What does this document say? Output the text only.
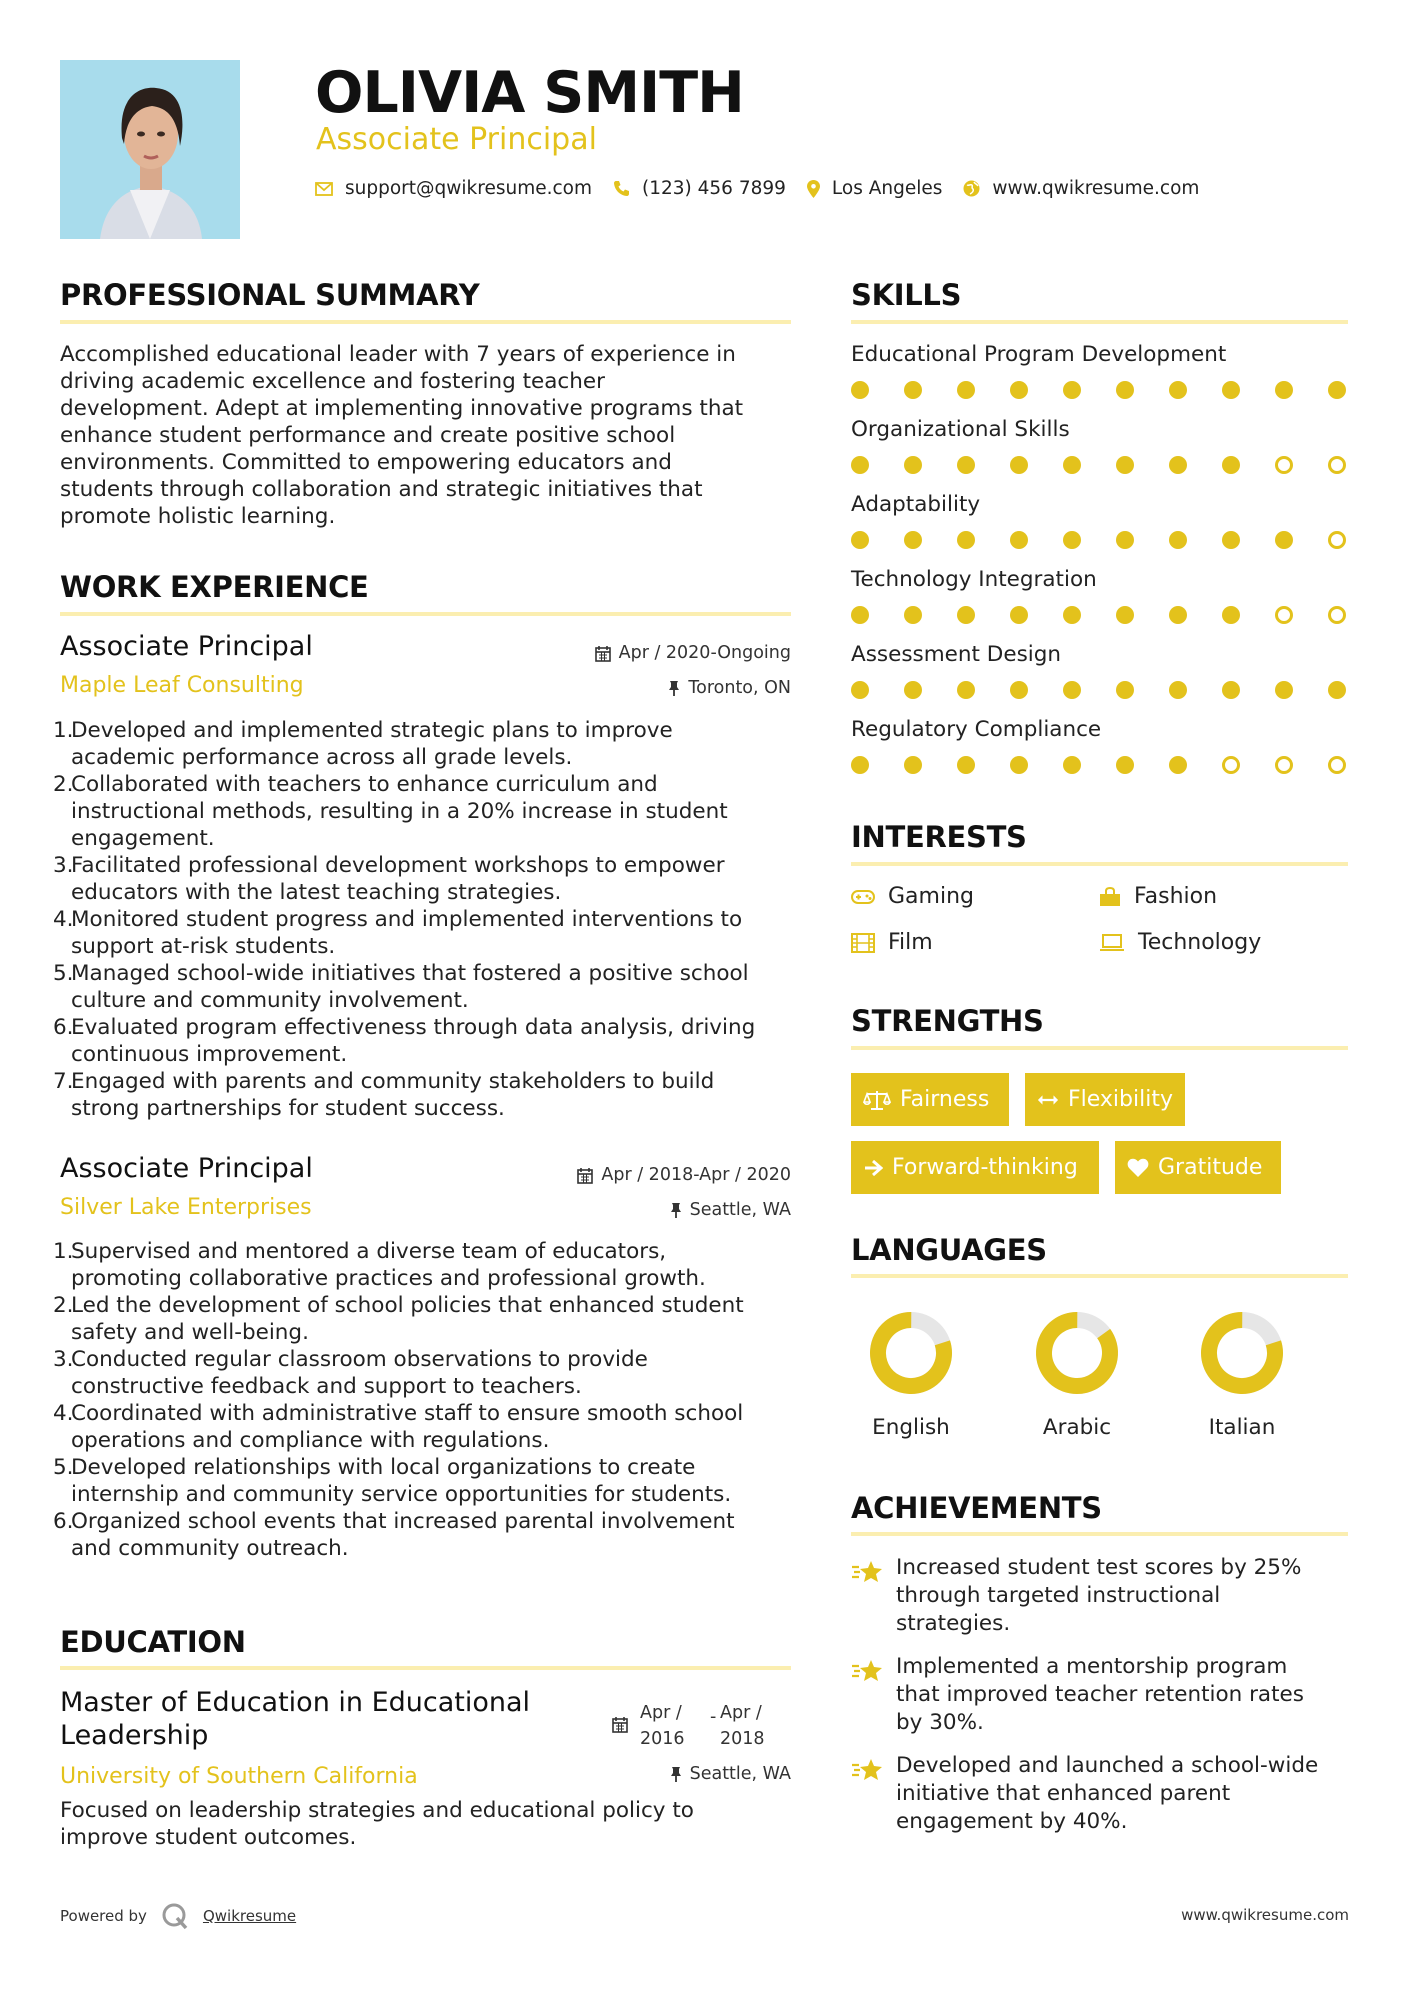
OLIVIA SMITH
Associate Principal
support@qwikresume.com	(123) 456 7899 Los Angeles	www.qwikresume.com
PROFESSIONAL SUMMARY
Accomplished educational leader with 7 years of experience in
driving academic excellence and fostering teacher
development. Adept at implementing innovative programs that
enhance student performance and create positive school
environments. Committed to empowering educators and
students through collaboration and strategic initiatives that
promote holistic learning.
WORK EXPERIENCE
Associate Principal
Maple Leaf Consulting
Apr / 2020-Ongoing
Toronto, ON
1.
Developed and implemented strategic plans to improve
academic performance across all grade levels.
2.
Collaborated with teachers to enhance curriculum and
instructional methods, resulting in a 20% increase in student
engagement.
3.
Facilitated professional development workshops to empower
educators with the latest teaching strategies.
4.
Monitored student progress and implemented interventions to
support at-risk students.
5.
Managed school-wide initiatives that fostered a positive school
culture and community involvement.
6.
Evaluated program effectiveness through data analysis, driving
continuous improvement.
7.
Engaged with parents and community stakeholders to build
strong partnerships for student success.
Associate Principal
Silver Lake Enterprises
Apr / 2018-Apr / 2020
Seattle, WA
1.
Supervised and mentored a diverse team of educators,
promoting collaborative practices and professional growth.
2.
Led the development of school policies that enhanced student
safety and well-being.
3.
Conducted regular classroom observations to provide
constructive feedback and support to teachers.
4.
Coordinated with administrative staff to ensure smooth school
operations and compliance with regulations.
5.
Developed relationships with local organizations to create
internship and community service opportunities for students.
6.
Organized school events that increased parental involvement
and community outreach.
EDUCATION
Master of Education in Educational
Leadership
University of Southern California
Apr /
2016
- Apr /
2018
Seattle, WA
Focused on leadership strategies and educational policy to
improve student outcomes.
SKILLS
Educational Program Development
Organizational Skills
Adaptability
Technology Integration
Assessment Design
Regulatory Compliance
INTERESTS
Gaming	Fashion
Film	Technology
STRENGTHS
Fairness	Flexibility
Forward-thinking	Gratitude
LANGUAGES
English	Arabic	Italian
ACHIEVEMENTS
Increased student test scores by 25%
through targeted instructional
strategies.
Implemented a mentorship program
that improved teacher retention rates
by 30%.
Developed and launched a school-wide
initiative that enhanced parent
engagement by 40%.
Powered by	Qwikresume	www.qwikresume.com
